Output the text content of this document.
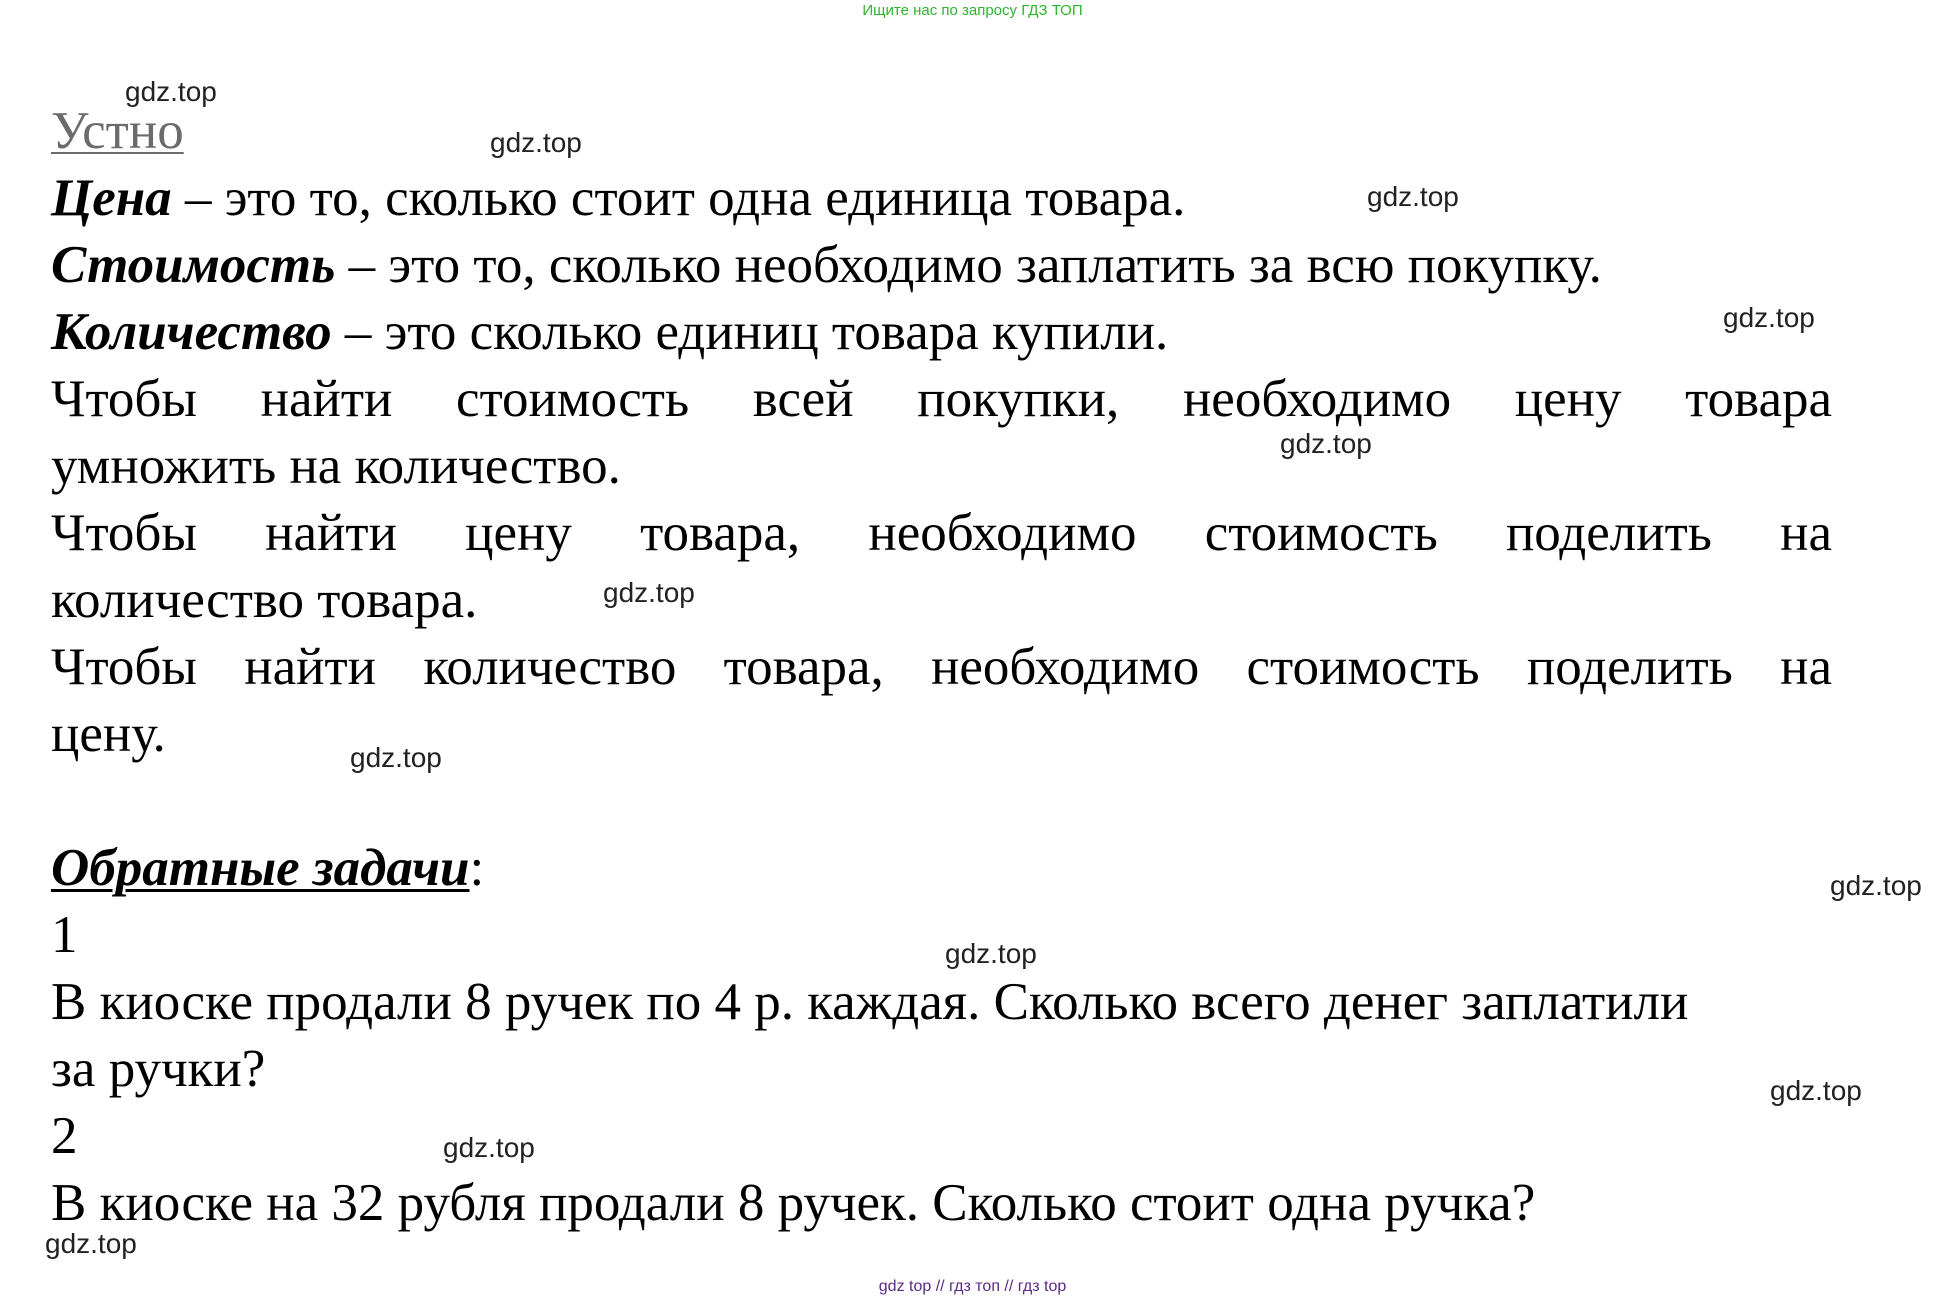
Ищите нас по запросу ГДЗ ТОП
Устно
Цена – это то, сколько стоит одна единица товара.
Стоимость – это то, сколько необходимо заплатить за всю покупку.
Количество – это сколько единиц товара купили.
Чтобы найти стоимость всей покупки, необходимо цену товара
умножить на количество.
Чтобы найти цену товара, необходимо стоимость поделить на
количество товара.
Чтобы найти количество товара, необходимо стоимость поделить на
цену.
Обратные задачи:
1
В киоске продали 8 ручек по 4 р. каждая. Сколько всего денег заплатили
за ручки?
2
В киоске на 32 рубля продали 8 ручек. Сколько стоит одна ручка?
gdz.top
gdz.top
gdz.top
gdz.top
gdz.top
gdz.top
gdz.top
gdz.top
gdz.top
gdz.top
gdz.top
gdz.top
gdz top // гдз топ // гдз top
